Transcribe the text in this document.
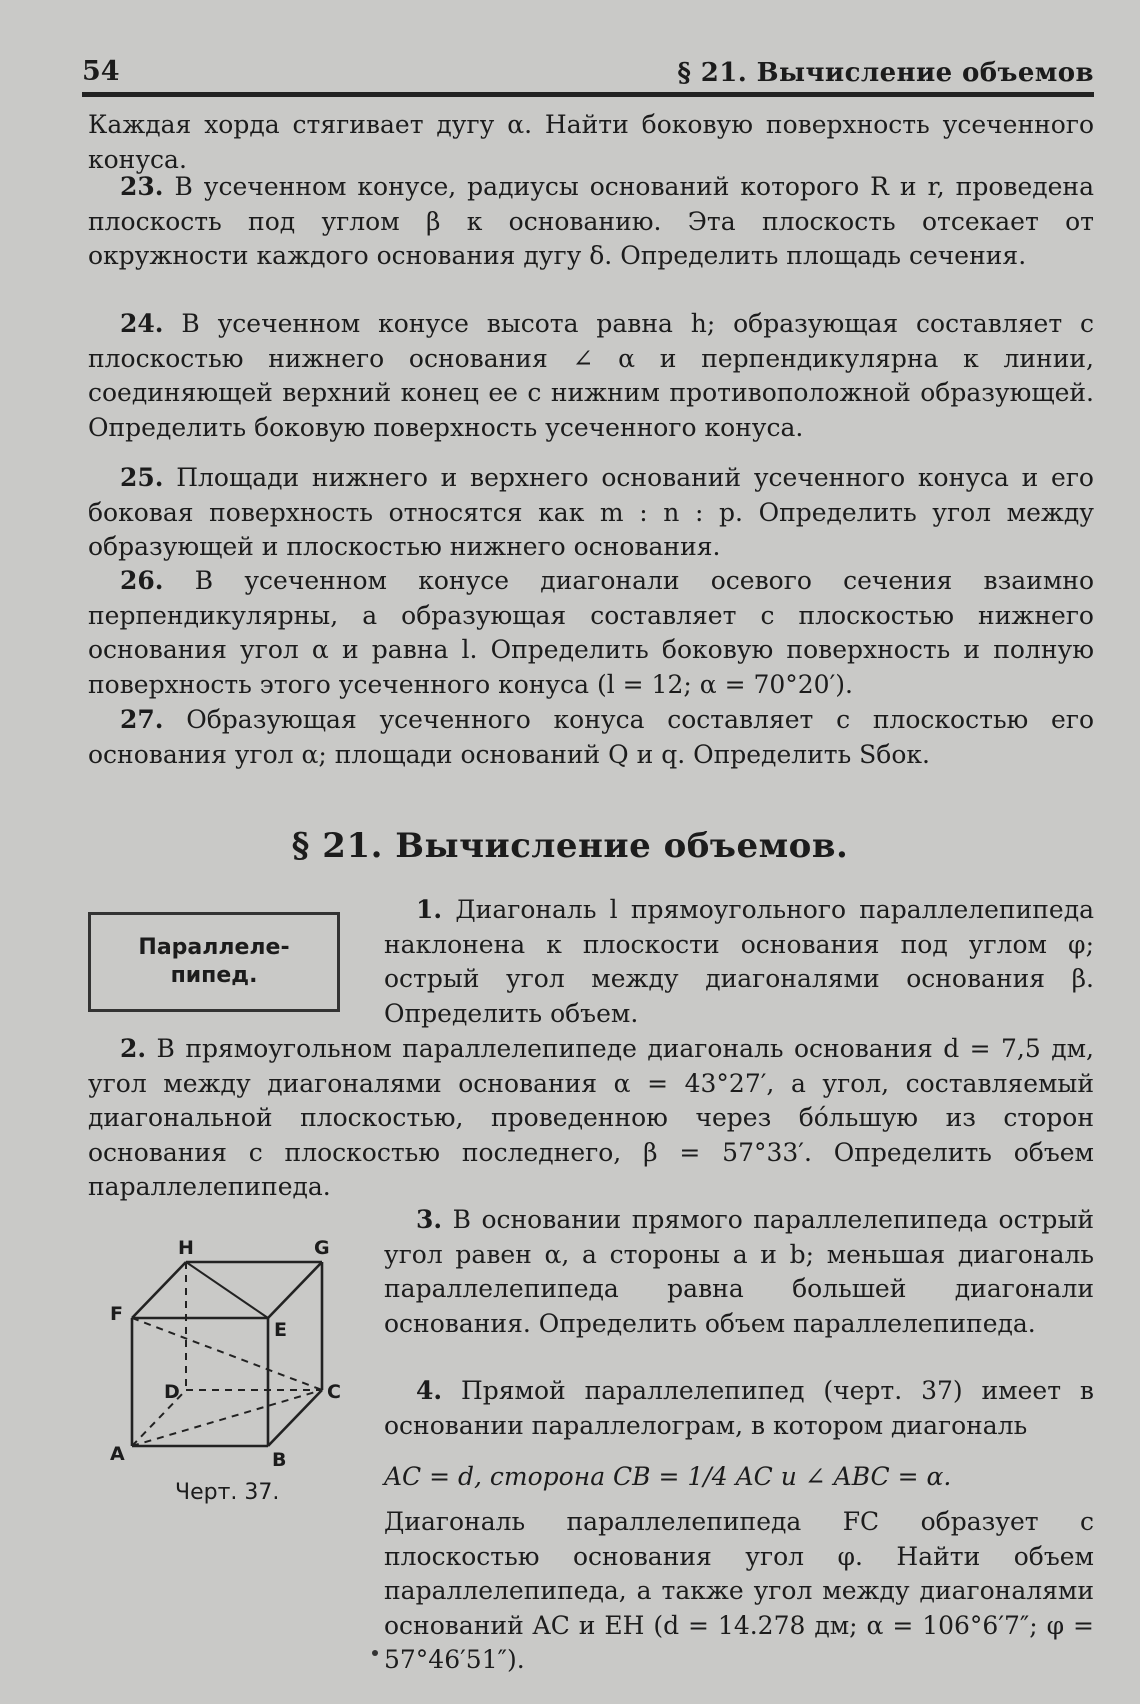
54	§ 21. Вычисление объемов

Каждая хорда стягивает дугу α. Найти боковую поверхность усеченного конуса.

23. В усеченном конусе, радиусы оснований которого R и r, проведена плоскость под углом β к основанию. Эта плоскость отсекает от окружности каждого основания дугу δ. Определить площадь сечения.

24. В усеченном конусе высота равна h; образующая составляет с плоскостью нижнего основания ∠ α и перпендикулярна к линии, соединяющей верхний конец ее с нижним противоположной образующей. Определить боковую поверхность усеченного конуса.

25. Площади нижнего и верхнего оснований усеченного конуса и его боковая поверхность относятся как m : n : p. Определить угол между образующей и плоскостью нижнего основания.

26. В усеченном конусе диагонали осевого сечения взаимно перпендикулярны, а образующая составляет с плоскостью нижнего основания угол α и равна l. Определить боковую поверхность и полную поверхность этого усеченного конуса (l = 12; α = 70°20′).

27. Образующая усеченного конуса составляет с плоскостью его основания угол α; площади оснований Q и q. Определить Sбок.

§ 21. Вычисление объемов.
Параллеле-пипед.

1. Диагональ l прямоугольного параллелепипеда наклонена к плоскости основания под углом φ; острый угол между диагоналями основания β. Определить объем.

2. В прямоугольном параллелепипеде диагональ основания d = 7,5 дм, угол между диагоналями основания α = 43°27′, а угол, составляемый диагональной плоскостью, проведенною через бóльшую из сторон основания с плоскостью последнего, β = 57°33′. Определить объем параллелепипеда.

3. В основании прямого параллелепипеда острый угол равен α, а стороны a и b; меньшая диагональ параллелепипеда равна большей диагонали основания. Определить объем параллелепипеда.

4. Прямой параллелепипед (черт. 37) имеет в основании параллелограм, в котором диагональ

AC = d, сторона CB = 1/4 AC и ∠ ABC = α.

Диагональ параллелепипеда FC образует с плоскостью основания угол φ. Найти объем параллелепипеда, а также угол между диагоналями оснований AC и EH (d = 14.278 дм; α = 106°6′7″; φ = 57°46′51″).

H	G
F
E
D	C
A	B
Черт. 37.
